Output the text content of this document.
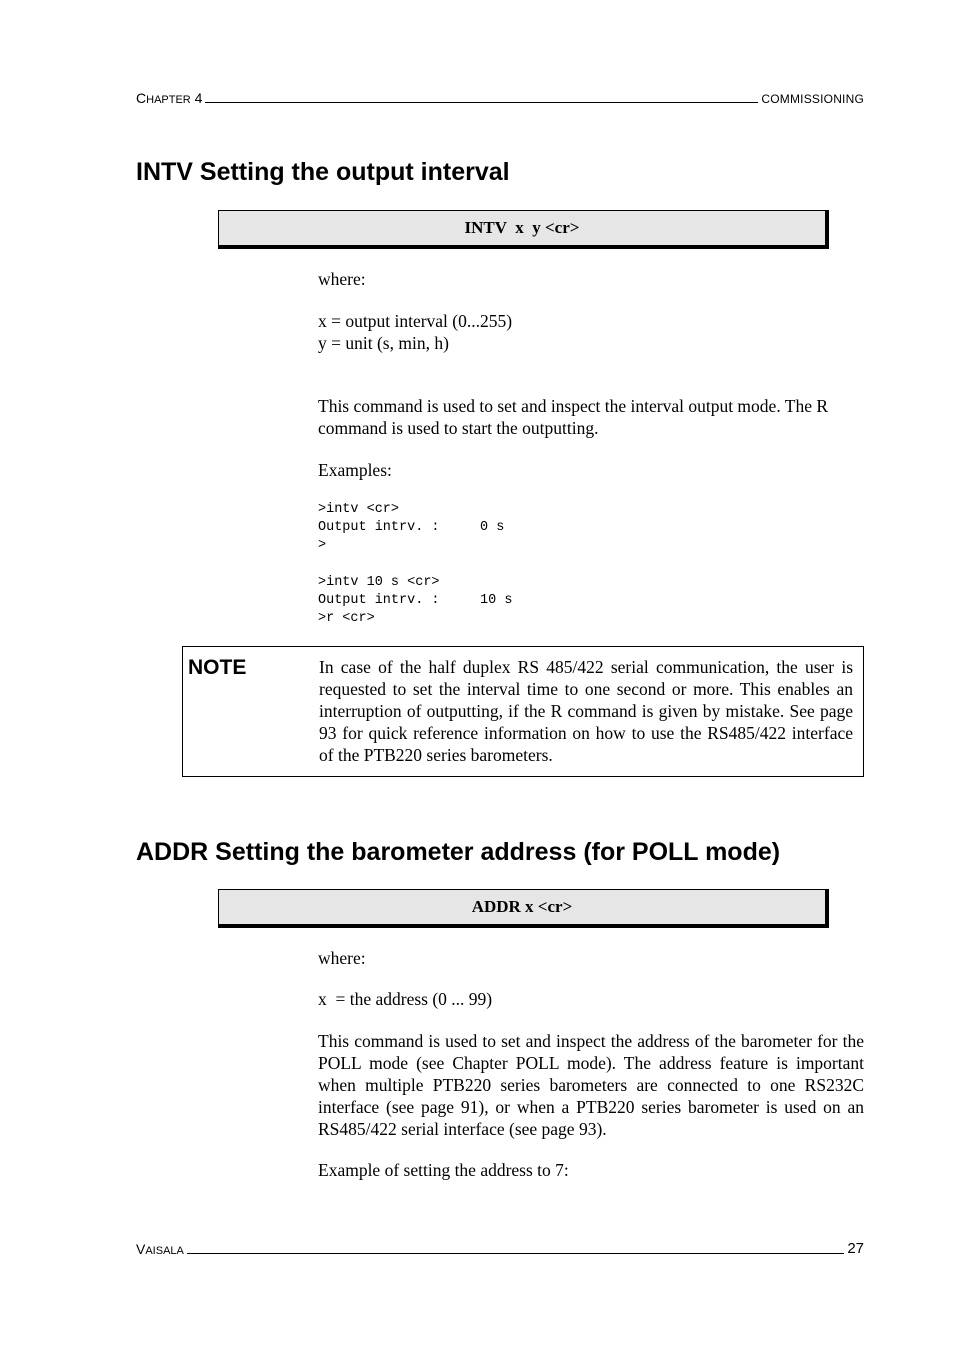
C HAPTER
4	COMMISSIONING
INTV Setting the output interval
INTV  x  y <cr>
where:
x = output interval (0...255)
y = unit (s, min, h)
This command is used to set and inspect the interval output mode. The R command is used to start the outputting.
Examples:
>intv <cr>
Output intrv. :     0 s
>

>intv 10 s <cr>
Output intrv. :     10 s
>r <cr>
NOTE	In case of the half duplex RS 485/422 serial communication, the user is requested to set the interval time to one second or more. This enables an interruption of outputting, if the R command is given by mistake. See page 93 for quick reference information on how to use the RS485/422 interface of the PTB220 series barometers.
ADDR Setting the barometer address (for POLL mode)
ADDR x <cr>
where:
x  = the address (0 ... 99)
This command is used to set and inspect the address of the barometer for the POLL mode (see Chapter POLL mode). The address feature is important when multiple PTB220 series barometers are connected to one RS232C interface (see page 91), or when a PTB220 series barometer is used on an RS485/422 serial interface (see page 93).
Example of setting the address to 7:
V AISALA	27
